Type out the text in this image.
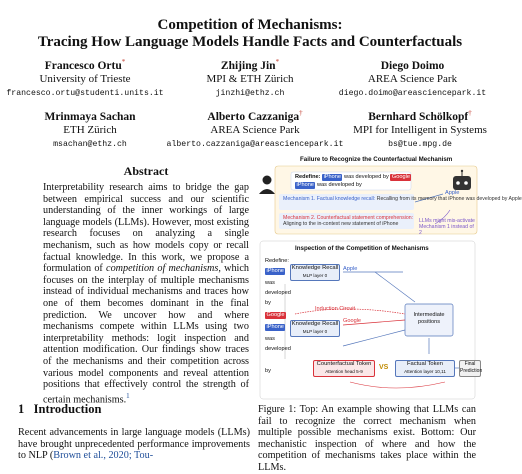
Competition of Mechanisms:
Tracing How Language Models Handle Facts and Counterfactuals
Francesco Ortu*
University of Trieste
francesco.ortu@studenti.units.it
Zhijing Jin*
MPI & ETH Zürich
jinzhi@ethz.ch
Diego Doimo
AREA Science Park
diego.doimo@areasciencepark.it
Mrinmaya Sachan
ETH Zürich
msachan@ethz.ch
Alberto Cazzaniga†
AREA Science Park
alberto.cazzaniga@areasciencepark.it
Bernhard Schölkopf†
MPI for Intelligent in Systems
bs@tue.mpg.de
Abstract
Interpretability research aims to bridge the gap between empirical success and our scientific understanding of the inner workings of large language models (LLMs). However, most existing research focuses on analyzing a single mechanism, such as how models copy or recall factual knowledge. In this work, we propose a formulation of competition of mechanisms, which focuses on the interplay of multiple mechanisms instead of individual mechanisms and traces how one of them becomes dominant in the final prediction. We uncover how and where mechanisms compete within LLMs using two interpretability methods: logit inspection and attention modification. Our findings show traces of the mechanisms and their competition across various model components and reveal attention positions that effectively control the strength of certain mechanisms.$^1$
1 Introduction
Recent advancements in large language models (LLMs) have brought unprecedented performance improvements to NLP (Brown et al., 2020; Tou-
Failure to Recognize the Counterfactual Mechanism
Redefine: iPhone was developed by Google
iPhone was developed by
Apple
Mechanism 1. Factual knowledge recall: Recalling from its memory that iPhone was developed by Apple
Mechanism 2. Counterfactual statement comprehension:
Aligning to the in-context new statement of iPhone	LLMs might mis-activate Mechanism 1 instead of 2
Inspection of the Competition of Mechanisms
Redefine:
iPhone	Knowledge Recall
MLP layer 0
Apple
was
developed
by
Google
Induction Circuit
iPhone	Knowledge Recall
MLP layer 0
Google
Intermediate positions
was
developed
by
Counterfactual Token
Attention head 5-9
VS	Factual Token
Attention layer 10,11
Final Prediction
Figure 1: Top: An example showing that LLMs can fail to recognize the correct mechanism when multiple possible mechanisms exist. Bottom: Our mechanistic inspection of where and how the competition of mechanisms takes place within the LLMs.
